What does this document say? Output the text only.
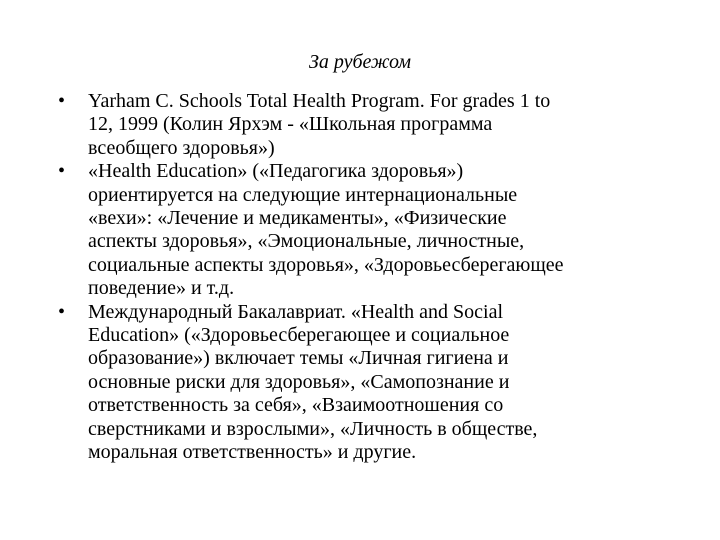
За рубежом
• Yarham C. Schools Total Health Program. For grades 1 to
12, 1999 (Колин Ярхэм - «Школьная программа
всеобщего здоровья»)
• «Health Education» («Педагогика здоровья»)
ориентируется на следующие интернациональные
«вехи»: «Лечение и медикаменты», «Физические
аспекты здоровья», «Эмоциональные, личностные,
социальные аспекты здоровья», «Здоровьесберегающее
поведение» и т.д.
• Международный Бакалавриат. «Health and Social
Education» («Здоровьесберегающее и социальное
образование») включает темы «Личная гигиена и
основные риски для здоровья», «Самопознание и
ответственность за себя», «Взаимоотношения со
сверстниками и взрослыми», «Личность в обществе,
моральная ответственность» и другие.
